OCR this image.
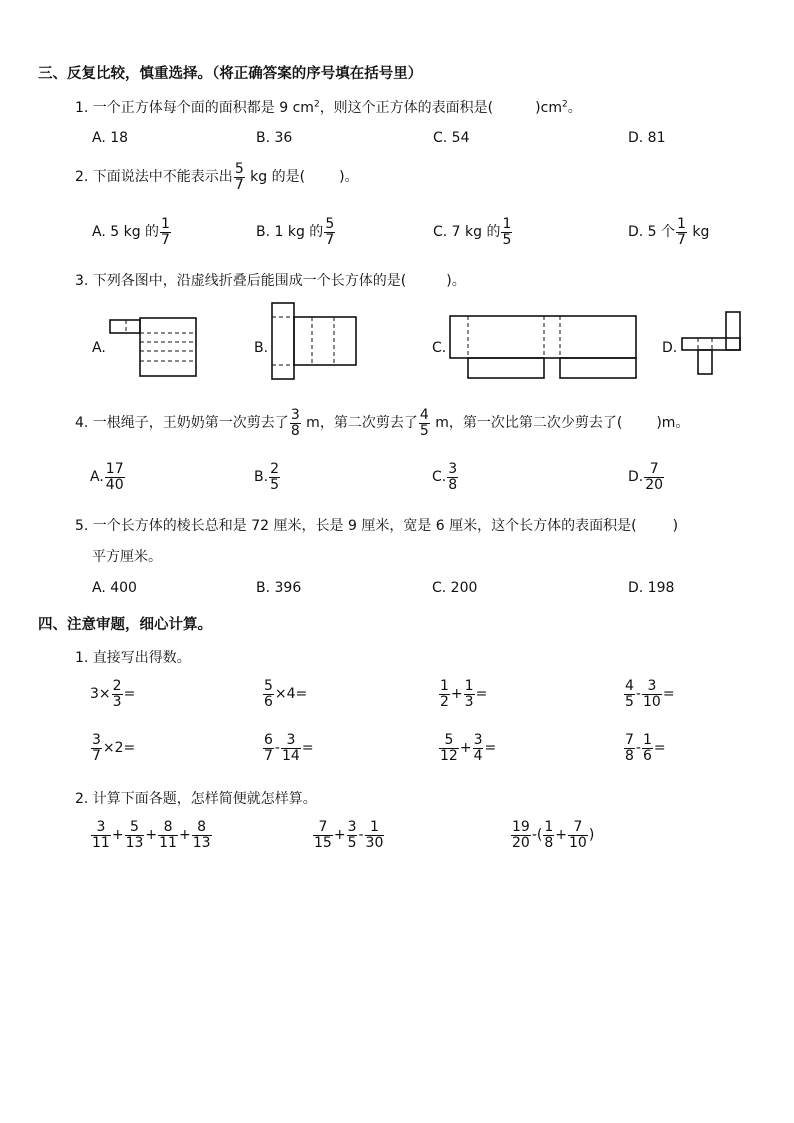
三、反复比较，慎重选择。（将正确答案的序号填在括号里）
1. 一个正方体每个面的面积都是 9 $cm^2$，则这个正方体的表面积是(	)$cm^2$。
A. 18	B. 36	C. 54	D. 81
2. 下面说法中不能表示出 $\frac{5}{7}$ kg 的是( )。
A. 5 kg 的 $\frac{1}{7}$	B. 1 kg 的 $\frac{5}{7}$	C. 7 kg 的 $\frac{1}{5}$	D. 5 个 $\frac{1}{7}$ kg
3. 下列各图中，沿虚线折叠后能围成一个长方体的是(	)。
A.	B.	C.	D.
4. 一根绳子，王奶奶第一次剪去了 $\frac{3}{8}$ m，第二次剪去了 $\frac{4}{5}$ m，第一次比第二次少剪去了( )m。
A. $\frac{17}{40}$	B. $\frac{2}{5}$	C. $\frac{3}{8}$	D. $\frac{7}{20}$
5. 一个长方体的棱长总和是 72 厘米，长是 9 厘米，宽是 6 厘米，这个长方体的表面积是(	)
平方厘米。
A. 400	B. 396	C. 200	D. 198
四、注意审题，细心计算。
1. 直接写出得数。
$3\times \frac{2}{3}$ =	$\frac{5}{6} \times 4=$	$\frac{1}{2} + \frac{1}{3}$ =	$\frac{4}{5} - \frac{3}{10}$ =
$\frac{3}{7} \times 2=$	$\frac{6}{7} - \frac{3}{14}$ =	$\frac{5}{12} + \frac{3}{4}$ =	$\frac{7}{8} - \frac{1}{6}$ =
2. 计算下面各题，怎样简便就怎样算。
$\frac{3}{11} + \frac{5}{13} + \frac{8}{11} + \frac{8}{13}$	$\frac{7}{15} + \frac{3}{5} - \frac{1}{30}$	$\frac{19}{20}$ -( $\frac{1}{8} + \frac{7}{10}$ )
